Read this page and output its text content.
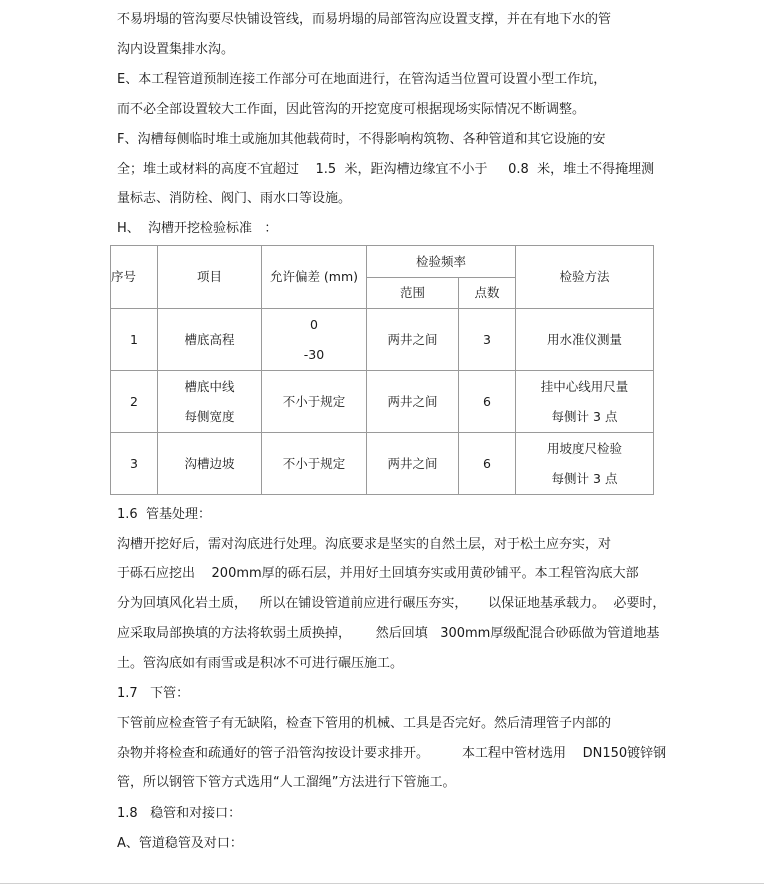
不易坍塌的管沟要尽快铺设管线，而易坍塌的局部管沟应设置支撑，并在有地下水的管

沟内设置集排水沟。

E、本工程管道预制连接工作部分可在地面进行，在管沟适当位置可设置小型工作坑，

而不必全部设置较大工作面，因此管沟的开挖宽度可根据现场实际情况不断调整。

F、沟槽每侧临时堆土或施加其他载荷时，不得影响构筑物、各种管道和其它设施的安

全；堆土或材料的高度不宜超过    1.5  米，距沟槽边缘宜不小于     0.8  米，堆土不得掩埋测

量标志、消防栓、阀门、雨水口等设施。

H、  沟槽开挖检验标准   ：

序号	项目	允许偏差 (mm)	检验频率		检验方法
			范围	点数	
1	槽底高程	0
-30	两井之间	3	用水准仪测量

2	槽底中线
每侧宽度	不小于规定	两井之间	6	挂中心线用尺量
每侧计 3 点

3	沟槽边坡	不小于规定	两井之间	6	用坡度尺检验
每侧计 3 点

1.6  管基处理：

沟槽开挖好后，需对沟底进行处理。沟底要求是坚实的自然土层，对于松土应夯实，对

于砾石应挖出    200mm厚的砾石层，并用好土回填夯实或用黄砂铺平。本工程管沟底大部

分为回填风化岩土质，   所以在铺设管道前应进行碾压夯实，     以保证地基承载力。  必要时，

应采取局部换填的方法将软弱土质换掉，      然后回填   300mm厚级配混合砂砾做为管道地基

土。管沟底如有雨雪或是积冰不可进行碾压施工。

1.7   下管：

下管前应检查管子有无缺陷，检查下管用的机械、工具是否完好。然后清理管子内部的

杂物并将检查和疏通好的管子沿管沟按设计要求排开。        本工程中管材选用    DN150镀锌钢

管，所以钢管下管方式选用“人工溜绳”方法进行下管施工。

1.8   稳管和对接口：

A、管道稳管及对口：
